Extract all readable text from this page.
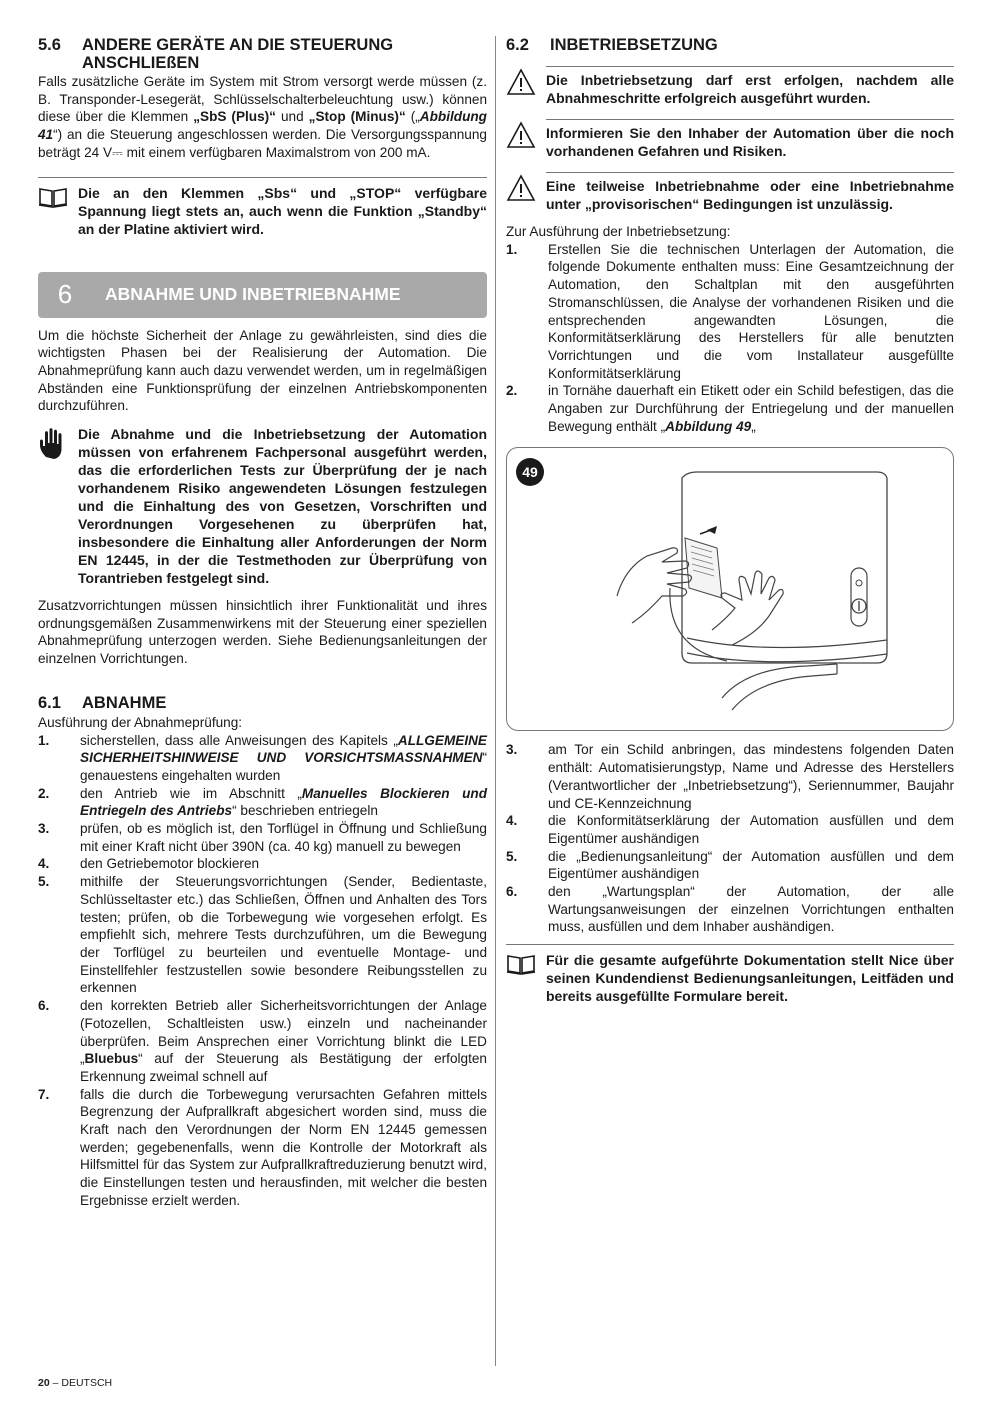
5.6	ANDERE GERÄTE AN DIE STEUERUNG ANSCHLIEßEN

Falls zusätzliche Geräte im System mit Strom versorgt werde müssen (z. B. Transponder-Lesegerät, Schlüsselschalterbeleuchtung usw.) können diese über die Klemmen „SbS (Plus)“ und „Stop (Minus)“ („Abbildung 41“) an die Steuerung angeschlossen werden. Die Versorgungsspannung beträgt 24 V⎓ mit einem verfügbaren Maximalstrom von 200 mA.

Die an den Klemmen „Sbs“ und „STOP“ verfügbare Spannung liegt stets an, auch wenn die Funktion „Standby“ an der Platine aktiviert wird.
6	ABNAHME UND INBETRIEBNAHME

Um die höchste Sicherheit der Anlage zu gewährleisten, sind dies die wichtigsten Phasen bei der Realisierung der Automation. Die Abnahmeprüfung kann auch dazu verwendet werden, um in regelmäßigen Abständen eine Funktionsprüfung der einzelnen Antriebskomponenten durchzuführen.

Die Abnahme und die Inbetriebsetzung der Automation müssen von erfahrenem Fachpersonal ausgeführt werden, das die erforderlichen Tests zur Überprüfung der je nach vorhandenem Risiko angewendeten Lösungen festzulegen und die Einhaltung des von Gesetzen, Vorschriften und Verordnungen Vorgesehenen zu überprüfen hat, insbesondere die Einhaltung aller Anforderungen der Norm EN 12445, in der die Testmethoden zur Überprüfung von Torantrieben festgelegt sind.

Zusatzvorrichtungen müssen hinsichtlich ihrer Funktionalität und ihres ordnungsgemäßen Zusammenwirkens mit der Steuerung einer speziellen Abnahmeprüfung unterzogen werden. Siehe Bedienungsanleitungen der einzelnen Vorrichtungen.

6.1	ABNAHME

Ausführung der Abnahmeprüfung:

1.	sicherstellen, dass alle Anweisungen des Kapitels „ALLGEMEINE SICHERHEITSHINWEISE UND VORSICHTSMASSNAHMEN“ genauestens eingehalten wurden
2.	den Antrieb wie im Abschnitt „Manuelles Blockieren und Entriegeln des Antriebs“ beschrieben entriegeln
3.	prüfen, ob es möglich ist, den Torflügel in Öffnung und Schließung mit einer Kraft nicht über 390N (ca. 40 kg) manuell zu bewegen
4.	den Getriebemotor blockieren
5.	mithilfe der Steuerungsvorrichtungen (Sender, Bedientaste, Schlüsseltaster etc.) das Schließen, Öffnen und Anhalten des Tors testen; prüfen, ob die Torbewegung wie vorgesehen erfolgt. Es empfiehlt sich, mehrere Tests durchzuführen, um die Bewegung der Torflügel zu beurteilen und eventuelle Montage- und Einstellfehler festzustellen sowie besondere Reibungsstellen zu erkennen
6.	den korrekten Betrieb aller Sicherheitsvorrichtungen der Anlage (Fotozellen, Schaltleisten usw.) einzeln und nacheinander überprüfen. Beim Ansprechen einer Vorrichtung blinkt die LED „Bluebus“ auf der Steuerung als Bestätigung der erfolgten Erkennung zweimal schnell auf
7.	falls die durch die Torbewegung verursachten Gefahren mittels Begrenzung der Aufprallkraft abgesichert worden sind, muss die Kraft nach den Verordnungen der Norm EN 12445 gemessen werden; gegebenenfalls, wenn die Kontrolle der Motorkraft als Hilfsmittel für das System zur Aufprallkraftreduzierung benutzt wird, die Einstellungen testen und herausfinden, mit welcher die besten Ergebnisse erzielt werden.
6.2	INBETRIEBSETZUNG
Die Inbetriebsetzung darf erst erfolgen, nachdem alle Abnahmeschritte erfolgreich ausgeführt wurden.
Informieren Sie den Inhaber der Automation über die noch vorhandenen Gefahren und Risiken.
Eine teilweise Inbetriebnahme oder eine Inbetriebnahme unter „provisorischen“ Bedingungen ist unzulässig.

Zur Ausführung der Inbetriebsetzung:

1.	Erstellen Sie die technischen Unterlagen der Automation, die folgende Dokumente enthalten muss: Eine Gesamtzeichnung der Automation, den Schaltplan mit den ausgeführten Stromanschlüssen, die Analyse der vorhandenen Risiken und die entsprechenden angewandten Lösungen, die Konformitätserklärung des Herstellers für alle benutzten Vorrichtungen und die vom Installateur ausgefüllte Konformitätserklärung
2.	in Tornähe dauerhaft ein Etikett oder ein Schild befestigen, das die Angaben zur Durchführung der Entriegelung und der manuellen Bewegung enthält „Abbildung 49„
49
3.	am Tor ein Schild anbringen, das mindestens folgenden Daten enthält: Automatisierungstyp, Name und Adresse des Herstellers (Verantwortlicher der „Inbetriebsetzung“), Seriennummer, Baujahr und CE-Kennzeichnung
4.	die Konformitätserklärung der Automation ausfüllen und dem Eigentümer aushändigen
5.	die „Bedienungsanleitung“ der Automation ausfüllen und dem Eigentümer aushändigen
6.	den „Wartungsplan“ der Automation, der alle Wartungsanweisungen der einzelnen Vorrichtungen enthalten muss, ausfüllen und dem Inhaber aushändigen.
Für die gesamte aufgeführte Dokumentation stellt Nice über seinen Kundendienst Bedienungsanleitungen, Leitfäden und bereits ausgefüllte Formulare bereit.
20 – DEUTSCH
